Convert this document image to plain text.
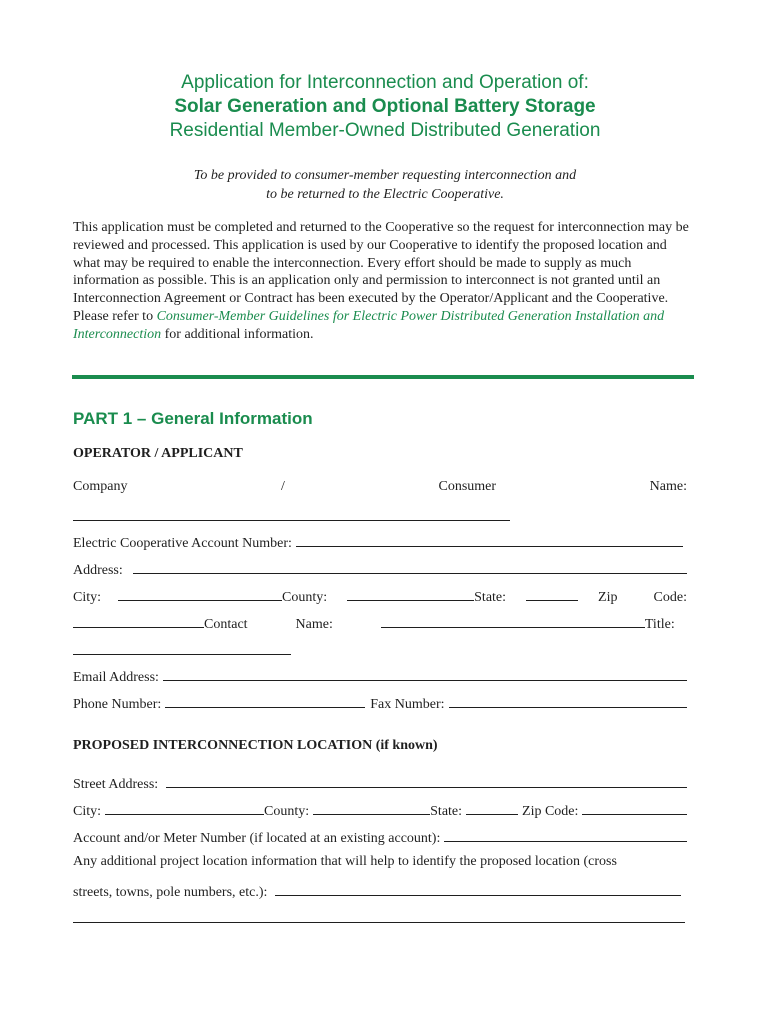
Application for Interconnection and Operation of:
Solar Generation and Optional Battery Storage
Residential Member-Owned Distributed Generation
To be provided to consumer-member requesting interconnection and
to be returned to the Electric Cooperative.

This application must be completed and returned to the Cooperative so the request for interconnection may be reviewed and processed. This application is used by our Cooperative to identify the proposed location and what may be required to enable the interconnection. Every effort should be made to supply as much information as possible. This is an application only and permission to interconnect is not granted until an Interconnection Agreement or Contract has been executed by the Operator/Applicant and the Cooperative. Please refer to Consumer-Member Guidelines for Electric Power Distributed Generation Installation and Interconnection for additional information.

PART 1 – General Information
OPERATOR / APPLICANT
Company	/	Consumer	Name:
Electric Cooperative Account Number:
Address:
City:	County:	State:	Zip	Code:
Contact	Name:	Title:
Email Address:
Phone Number:	Fax Number:
PROPOSED INTERCONNECTION LOCATION (if known)
Street Address:
City:	County:	State:	Zip Code:
Account and/or Meter Number (if located at an existing account):
Any additional project location information that will help to identify the proposed location (cross
streets, towns, pole numbers, etc.):
